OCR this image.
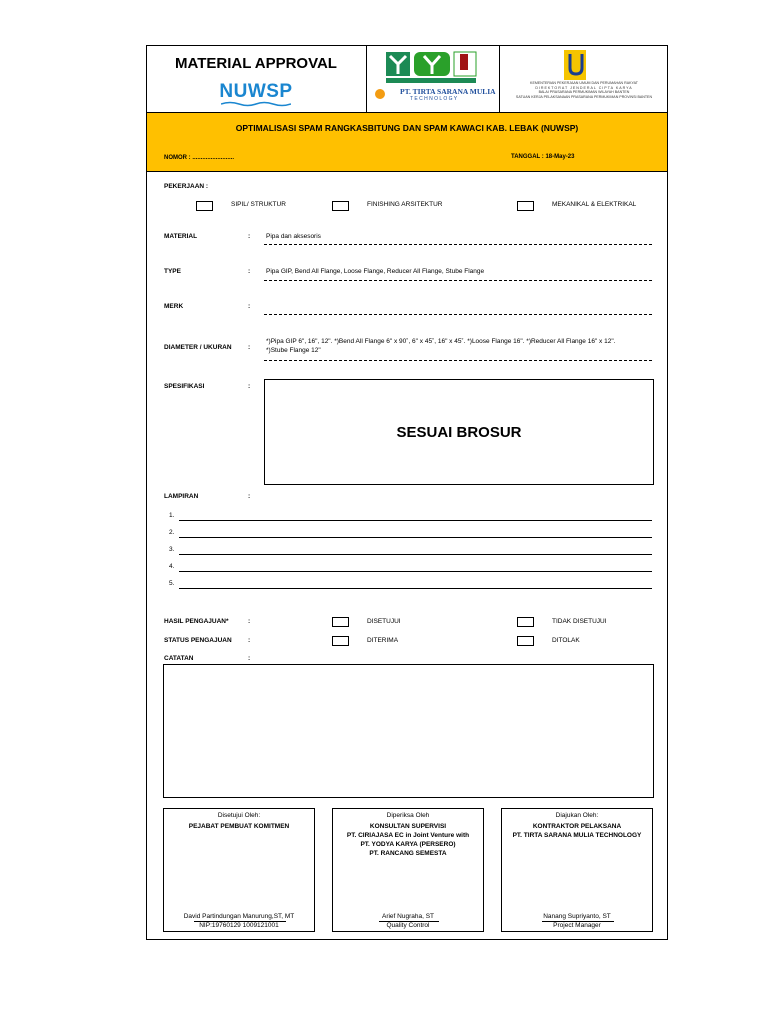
MATERIAL APPROVAL
NUWSP	PT. TIRTA SARANA MULIA
T E C H N O L O G Y
KEMENTERIAN PEKERJAAN UMUM DAN PERUMAHAN RAKYAT
DIREKTORAT JENDERAL CIPTA KARYA
BALAI PRASARANA PERMUKIMAN WILAYAH BANTEN
SATUAN KERJA PELAKSANAAN PRASARANA PERMUKIMAN PROVINSI BANTEN
OPTIMALISASI SPAM RANGKASBITUNG DAN SPAM KAWACI KAB. LEBAK (NUWSP)
NOMOR : .........................	TANGGAL : 18-May-23
PEKERJAAN :
SIPIL/ STRUKTUR	FINISHING ARSITEKTUR	MEKANIKAL & ELEKTRIKAL
MATERIAL	: Pipa dan aksesoris
TYPE	: Pipa GIP, Bend All Flange, Loose Flange, Reducer All Flange, Stube Flange
MERK	:
DIAMETER / UKURAN	:
*)Pipa GIP 6", 16", 12". *)Bend All Flange 6" x 90˚, 6" x 45˚, 16" x 45˚. *)Loose Flange 16". *)Reducer All Flange 16" x 12".
*)Stube Flange 12"
SPESIFIKASI	:
SESUAI BROSUR
LAMPIRAN	:
1.
2.
3.
4.
5.
HASIL PENGAJUAN*	:	DISETUJUI	TIDAK DISETUJUI
STATUS PENGAJUAN	:	DITERIMA	DITOLAK
CATATAN	:
Disetujui Oleh:
PEJABAT PEMBUAT KOMITMEN
David Partindungan Manurung,ST, MT
NIP:19760129 1009121001
Diperiksa Oleh
KONSULTAN SUPERVISI
PT. CIRIAJASA EC in Joint Venture with
PT. YODYA KARYA (PERSERO)
PT. RANCANG SEMESTA
Arief Nugraha, ST
Quality Control
Diajukan Oleh:
KONTRAKTOR PELAKSANA
PT. TIRTA SARANA MULIA TECHNOLOGY
Nanang Supriyanto, ST
Project Manager
